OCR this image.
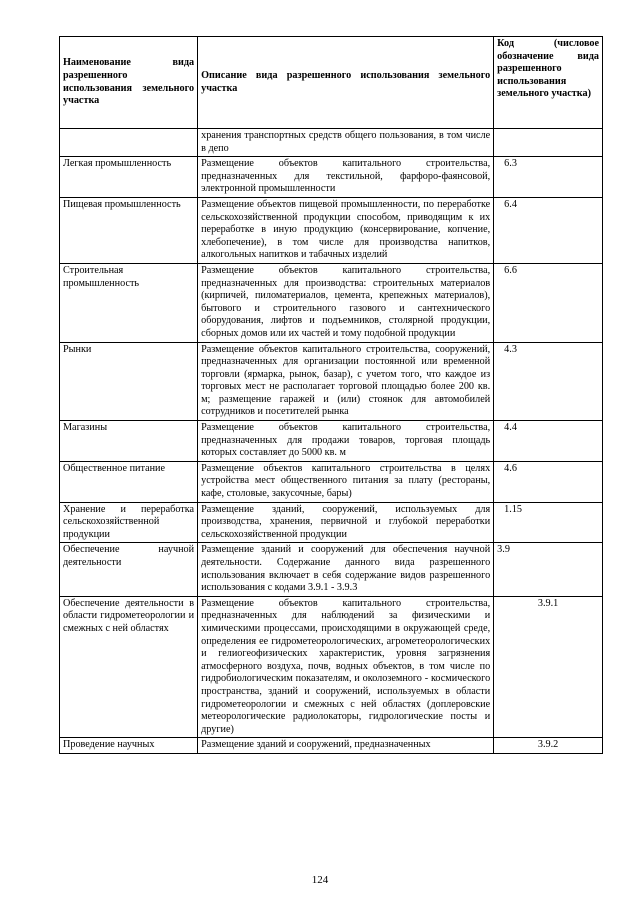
Наименование вида разрешенного использования земельного участка	Описание вида разрешенного использования земельного участка	Код (числовое обозначение вида разрешенного использования земельного участка)
	хранения транспортных средств общего пользования, в том числе в депо	
Легкая промышленность	Размещение объектов капитального строительства, предназначенных для текстильной, фарфоро-фаянсовой, электронной промышленности	6.3
Пищевая промышленность	Размещение объектов пищевой промышленности, по переработке сельскохозяйственной продукции способом, приводящим к их переработке в иную продукцию (консервирование, копчение, хлебопечение), в том числе для производства напитков, алкогольных напитков и табачных изделий	6.4
Строительная промышленность	Размещение объектов капитального строительства, предназначенных для производства: строительных материалов (кирпичей, пиломатериалов, цемента, крепежных материалов), бытового и строительного газового и сантехнического оборудования, лифтов и подъемников, столярной продукции, сборных домов или их частей и тому подобной продукции	6.6
Рынки	Размещение объектов капитального строительства, сооружений, предназначенных для организации постоянной или временной торговли (ярмарка, рынок, базар), с учетом того, что каждое из торговых мест не располагает торговой площадью более 200 кв. м; размещение гаражей и (или) стоянок для автомобилей сотрудников и посетителей рынка	4.3
Магазины	Размещение объектов капитального строительства, предназначенных для продажи товаров, торговая площадь которых составляет до 5000 кв. м	4.4
Общественное питание	Размещение объектов капитального строительства в целях устройства мест общественного питания за плату (рестораны, кафе, столовые, закусочные, бары)	4.6
Хранение и переработка сельскохозяйственной продукции	Размещение зданий, сооружений, используемых для производства, хранения, первичной и глубокой переработки сельскохозяйственной продукции	1.15
Обеспечение научной деятельности	Размещение зданий и сооружений для обеспечения научной деятельности. Содержание данного вида разрешенного использования включает в себя содержание видов разрешенного использования с кодами 3.9.1 - 3.9.3	3.9
Обеспечение деятельности в области гидрометеорологии и смежных с ней областях	Размещение объектов капитального строительства, предназначенных для наблюдений за физическими и химическими процессами, происходящими в окружающей среде, определения ее гидрометеорологических, агрометеорологических и гелиогеофизических характеристик, уровня загрязнения атмосферного воздуха, почв, водных объектов, в том числе по гидробиологическим показателям, и околоземного - космического пространства, зданий и сооружений, используемых в области гидрометеорологии и смежных с ней областях (доплеровские метеорологические радиолокаторы, гидрологические посты и другие)	3.9.1
Проведение научных	Размещение зданий и сооружений, предназначенных	3.9.2
124
